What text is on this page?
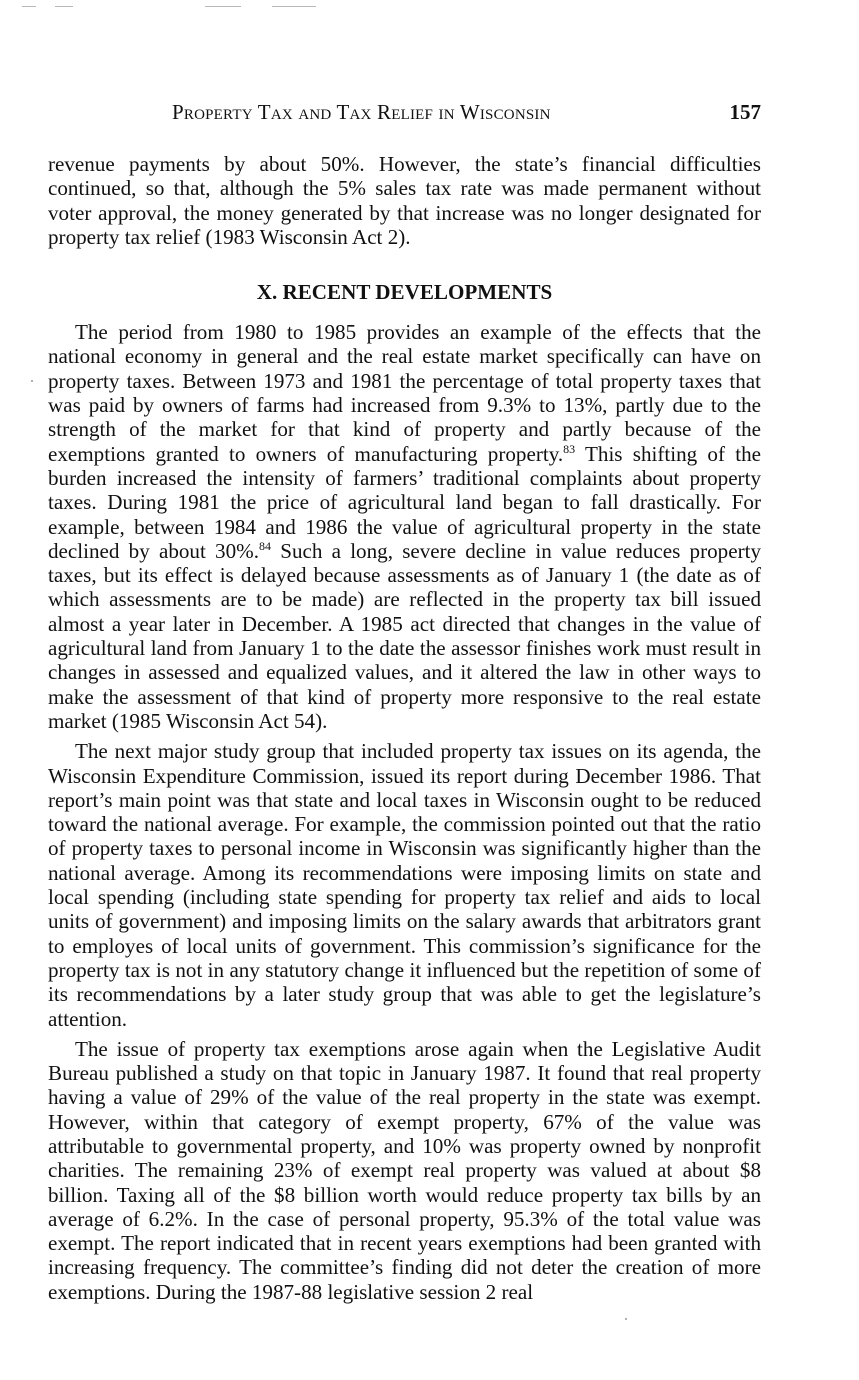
Property Tax and Tax Relief in Wisconsin	157

revenue payments by about 50%. However, the state’s financial difficulties continued, so that, although the 5% sales tax rate was made permanent without voter approval, the money generated by that increase was no longer designated for property tax relief (1983 Wisconsin Act 2).

X. RECENT DEVELOPMENTS

The period from 1980 to 1985 provides an example of the effects that the national economy in general and the real estate market specifically can have on property taxes. Between 1973 and 1981 the percentage of total property taxes that was paid by owners of farms had increased from 9.3% to 13%, partly due to the strength of the market for that kind of property and partly because of the exemptions granted to owners of manufacturing property.$^{83}$ This shifting of the burden increased the intensity of farmers’ traditional complaints about property taxes. During 1981 the price of agricultural land began to fall drastically. For example, between 1984 and 1986 the value of agricultural property in the state declined by about 30%.$^{84}$ Such a long, severe decline in value reduces property taxes, but its effect is delayed because assessments as of January 1 (the date as of which assessments are to be made) are reflected in the property tax bill issued almost a year later in December. A 1985 act directed that changes in the value of agricultural land from January 1 to the date the assessor finishes work must result in changes in assessed and equalized values, and it altered the law in other ways to make the assessment of that kind of property more responsive to the real estate market (1985 Wisconsin Act 54).

The next major study group that included property tax issues on its agenda, the Wisconsin Expenditure Commission, issued its report during December 1986. That report’s main point was that state and local taxes in Wisconsin ought to be reduced toward the national average. For example, the commission pointed out that the ratio of property taxes to personal income in Wisconsin was significantly higher than the national average. Among its recommendations were imposing limits on state and local spending (including state spending for property tax relief and aids to local units of government) and imposing limits on the salary awards that arbitrators grant to employes of local units of government. This commission’s significance for the property tax is not in any statutory change it influenced but the repetition of some of its recommendations by a later study group that was able to get the legislature’s attention.

The issue of property tax exemptions arose again when the Legislative Audit Bureau published a study on that topic in January 1987. It found that real property having a value of 29% of the value of the real property in the state was exempt. However, within that category of exempt property, 67% of the value was attributable to governmental property, and 10% was property owned by nonprofit charities. The remaining 23% of exempt real property was valued at about $8 billion. Taxing all of the $8 billion worth would reduce property tax bills by an average of 6.2%. In the case of personal property, 95.3% of the total value was exempt. The report indicated that in recent years exemptions had been granted with increasing frequency. The committee’s finding did not deter the creation of more exemptions. During the 1987-88 legislative session 2 real
